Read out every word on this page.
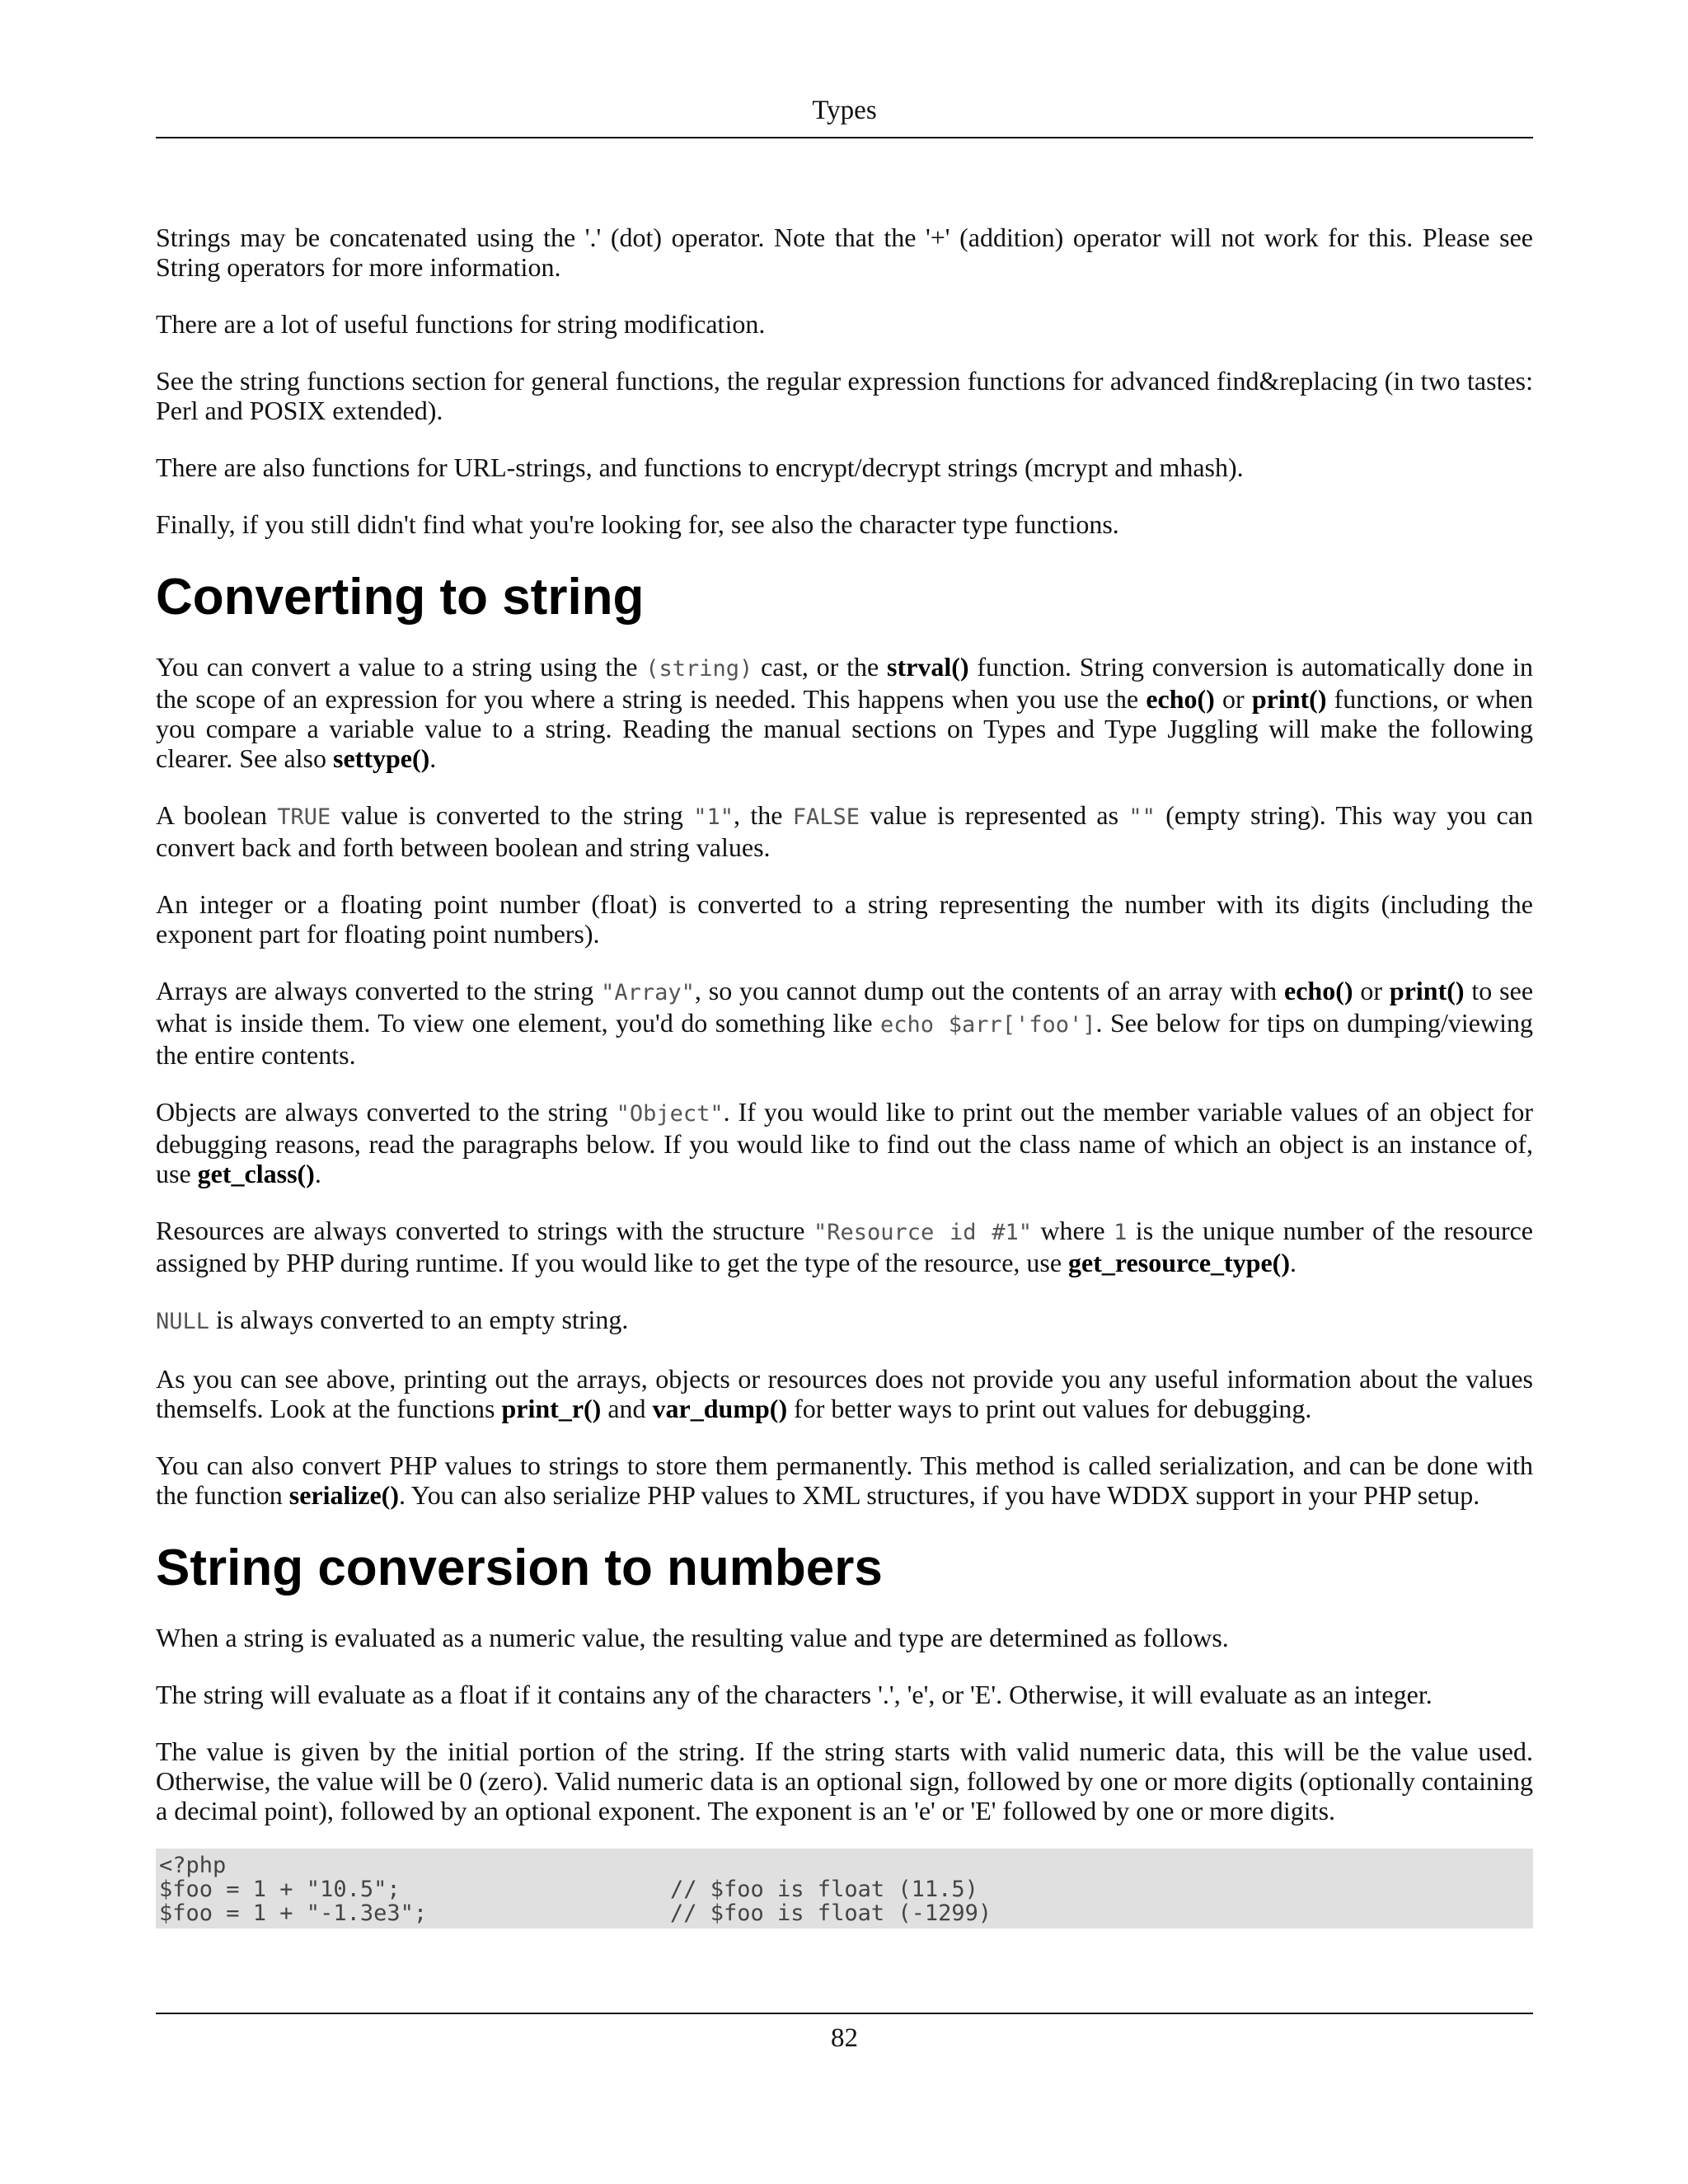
Types

Strings may be concatenated using the '.' (dot) operator. Note that the '+' (addition) operator will not work for this. Please see String operators for more information.

There are a lot of useful functions for string modification.

See the string functions section for general functions, the regular expression functions for advanced find&replacing (in two tastes: Perl and POSIX extended).

There are also functions for URL-strings, and functions to encrypt/decrypt strings (mcrypt and mhash).

Finally, if you still didn't find what you're looking for, see also the character type functions.

Converting to string

You can convert a value to a string using the (string) cast, or the strval() function. String conversion is automatically done in the scope of an expression for you where a string is needed. This happens when you use the echo() or print() functions, or when you compare a variable value to a string. Reading the manual sections on Types and Type Juggling will make the following clearer. See also settype().

A boolean TRUE value is converted to the string "1", the FALSE value is represented as "" (empty string). This way you can convert back and forth between boolean and string values.

An integer or a floating point number (float) is converted to a string representing the number with its digits (including the exponent part for floating point numbers).

Arrays are always converted to the string "Array", so you cannot dump out the contents of an array with echo() or print() to see what is inside them. To view one element, you'd do something like echo $arr['foo']. See below for tips on dumping/viewing the entire contents.

Objects are always converted to the string "Object". If you would like to print out the member variable values of an object for debugging reasons, read the paragraphs below. If you would like to find out the class name of which an object is an instance of, use get_class().

Resources are always converted to strings with the structure "Resource id #1" where 1 is the unique number of the resource assigned by PHP during runtime. If you would like to get the type of the resource, use get_resource_type().

NULL is always converted to an empty string.

As you can see above, printing out the arrays, objects or resources does not provide you any useful information about the values themselfs. Look at the functions print_r() and var_dump() for better ways to print out values for debugging.

You can also convert PHP values to strings to store them permanently. This method is called serialization, and can be done with the function serialize(). You can also serialize PHP values to XML structures, if you have WDDX support in your PHP setup.

String conversion to numbers

When a string is evaluated as a numeric value, the resulting value and type are determined as follows.

The string will evaluate as a float if it contains any of the characters '.', 'e', or 'E'. Otherwise, it will evaluate as an integer.

The value is given by the initial portion of the string. If the string starts with valid numeric data, this will be the value used. Otherwise, the value will be 0 (zero). Valid numeric data is an optional sign, followed by one or more digits (optionally containing a decimal point), followed by an optional exponent. The exponent is an 'e' or 'E' followed by one or more digits.

<?php
$foo = 1 + "10.5";	// $foo is float (11.5)
$foo = 1 + "-1.3e3";	// $foo is float (-1299)
82
